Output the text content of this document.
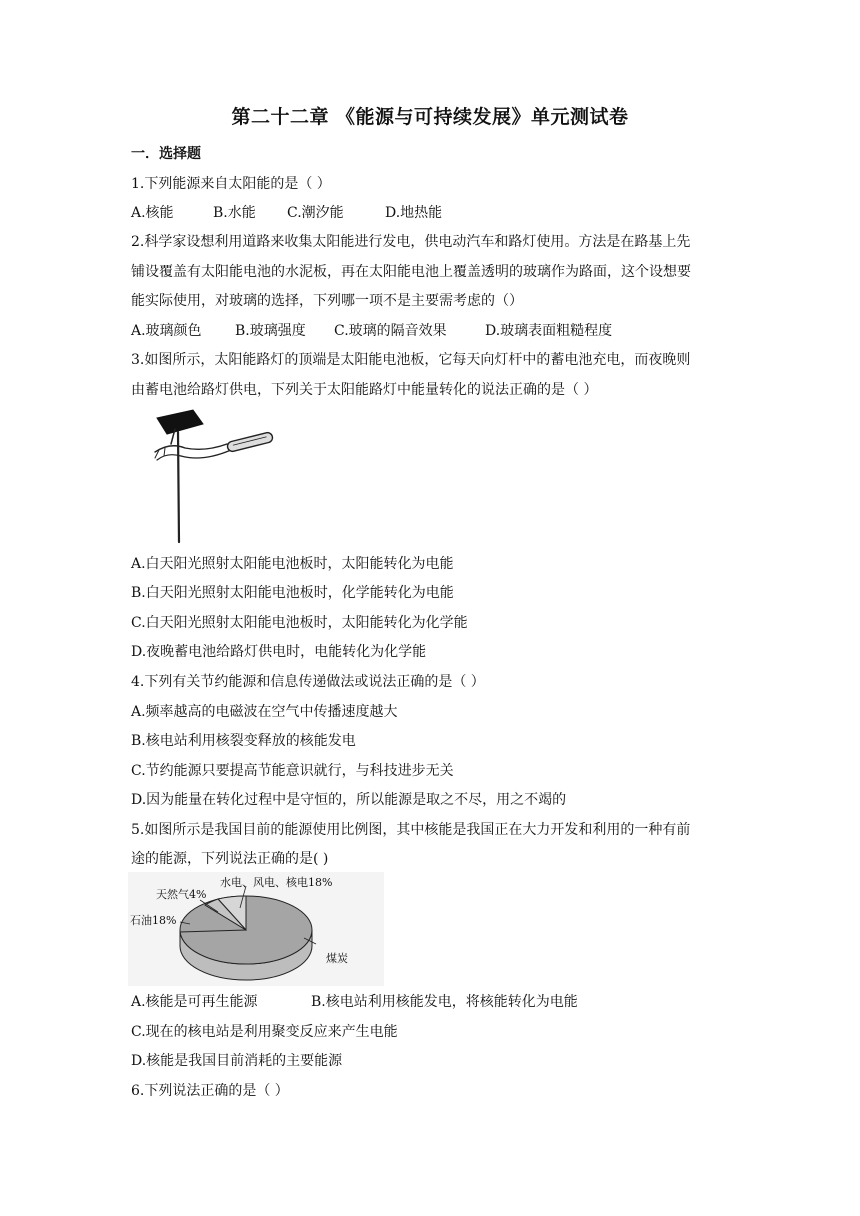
第二十二章 《能源与可持续发展》单元测试卷
一．选择题
1.下列能源来自太阳能的是（ ）
A.核能	B.水能 C.潮汐能	D.地热能
2.科学家设想利用道路来收集太阳能进行发电，供电动汽车和路灯使用。方法是在路基上先
铺设覆盖有太阳能电池的水泥板，再在太阳能电池上覆盖透明的玻璃作为路面，这个设想要
能实际使用，对玻璃的选择，下列哪一项不是主要需考虑的（）
A.玻璃颜色 B.玻璃强度 C.玻璃的隔音效果	D.玻璃表面粗糙程度
3.如图所示，太阳能路灯的顶端是太阳能电池板，它每天向灯杆中的蓄电池充电，而夜晚则
由蓄电池给路灯供电，下列关于太阳能路灯中能量转化的说法正确的是（ ）
A.白天阳光照射太阳能电池板时，太阳能转化为电能
B.白天阳光照射太阳能电池板时，化学能转化为电能
C.白天阳光照射太阳能电池板时，太阳能转化为化学能
D.夜晚蓄电池给路灯供电时，电能转化为化学能
4.下列有关节约能源和信息传递做法或说法正确的是（ ）
A.频率越高的电磁波在空气中传播速度越大
B.核电站利用核裂变释放的核能发电
C.节约能源只要提高节能意识就行，与科技进步无关
D.因为能量在转化过程中是守恒的，所以能源是取之不尽，用之不竭的
5.如图所示是我国目前的能源使用比例图，其中核能是我国正在大力开发和利用的一种有前
途的能源，下列说法正确的是( )
水电、风电、核电18%
天然气4%
石油18%
煤炭
A.核能是可再生能源	B.核电站利用核能发电，将核能转化为电能
C.现在的核电站是利用聚变反应来产生电能
D.核能是我国目前消耗的主要能源
6.下列说法正确的是（ ）
